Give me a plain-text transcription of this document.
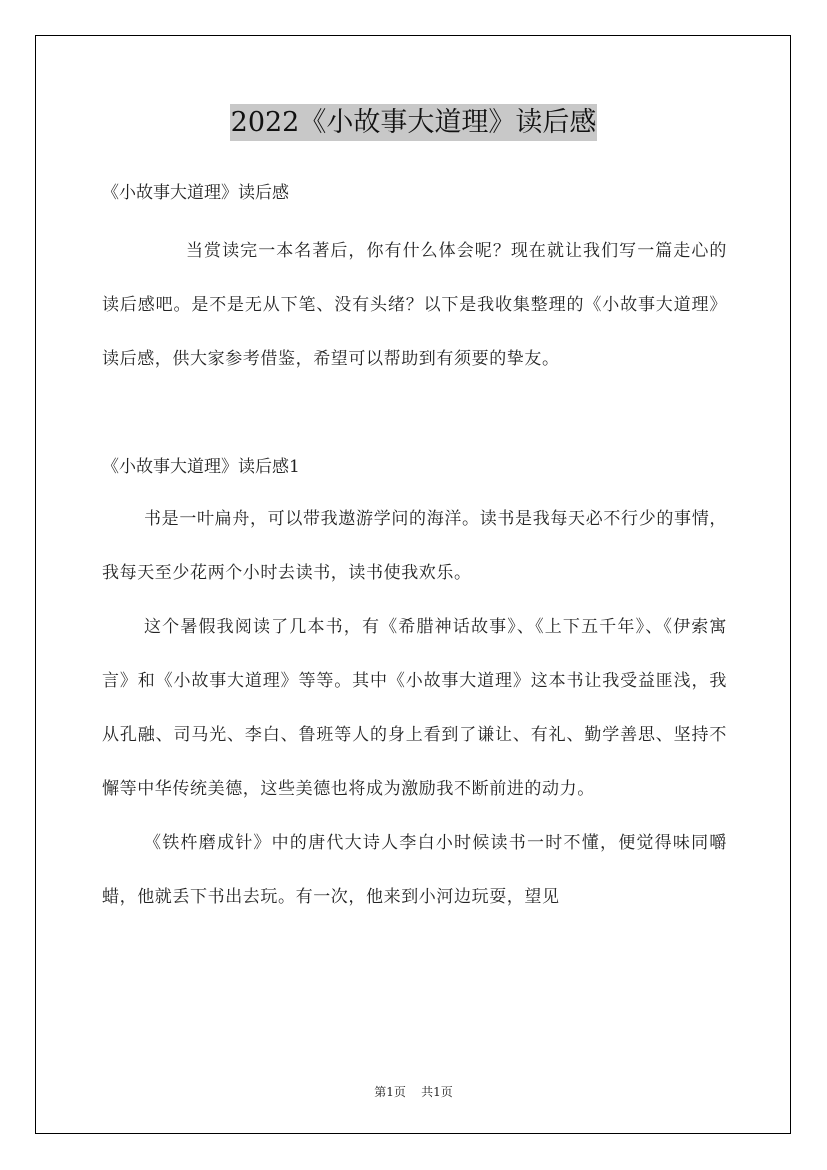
2022《小故事大道理》读后感

《小故事大道理》读后感

当赏读完一本名著后，你有什么体会呢？现在就让我们写一篇走心的读后感吧。是不是无从下笔、没有头绪？以下是我收集整理的《小故事大道理》读后感，供大家参考借鉴，希望可以帮助到有须要的挚友。

《小故事大道理》读后感1

书是一叶扁舟，可以带我遨游学问的海洋。读书是我每天必不行少的事情，我每天至少花两个小时去读书，读书使我欢乐。

这个暑假我阅读了几本书，有《希腊神话故事》、《上下五千年》、《伊索寓言》和《小故事大道理》等等。其中《小故事大道理》这本书让我受益匪浅，我从孔融、司马光、李白、鲁班等人的身上看到了谦让、有礼、勤学善思、坚持不懈等中华传统美德，这些美德也将成为激励我不断前进的动力。

《铁杵磨成针》中的唐代大诗人李白小时候读书一时不懂，便觉得味同嚼蜡，他就丢下书出去玩。有一次，他来到小河边玩耍，望见

第1页 共1页
